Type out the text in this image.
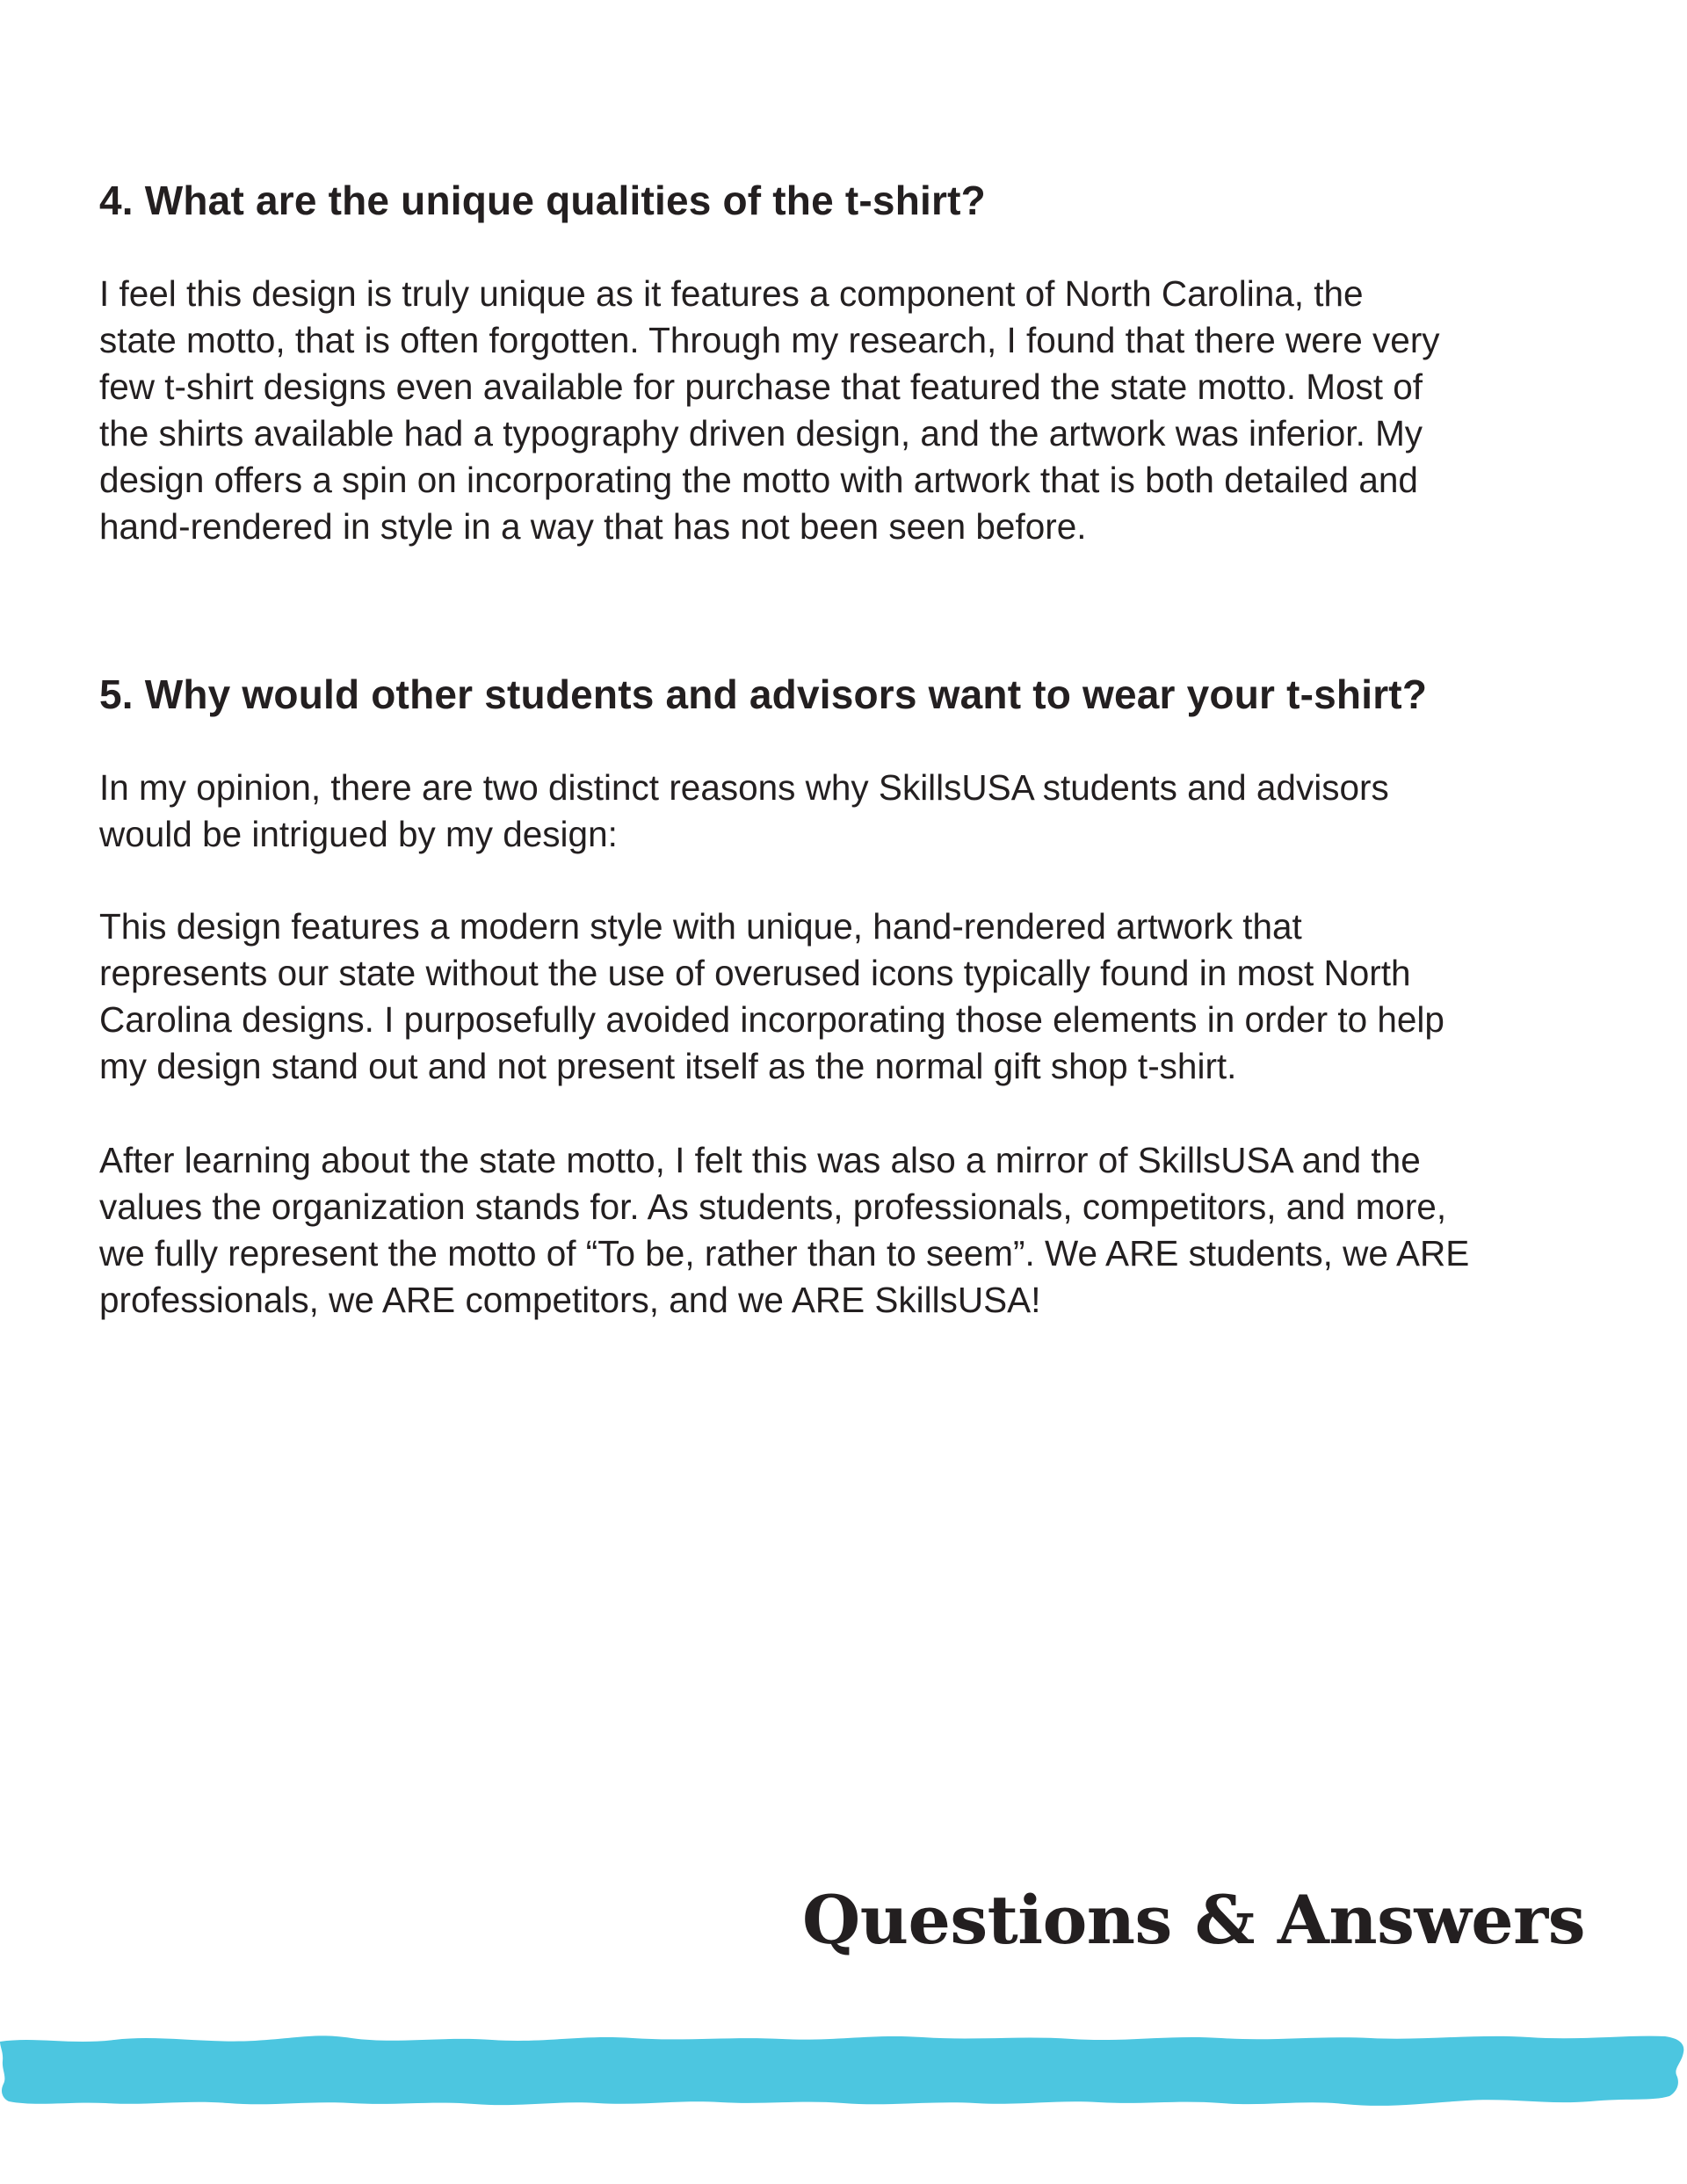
4. What are the unique qualities of the t-shirt?

I feel this design is truly unique as it features a component of North Carolina, the
state motto, that is often forgotten. Through my research, I found that there were very
few t-shirt designs even available for purchase that featured the state motto. Most of
the shirts available had a typography driven design, and the artwork was inferior. My
design offers a spin on incorporating the motto with artwork that is both detailed and
hand-rendered in style in a way that has not been seen before.

5. Why would other students and advisors want to wear your t-shirt?

In my opinion, there are two distinct reasons why SkillsUSA students and advisors
would be intrigued by my design:

This design features a modern style with unique, hand-rendered artwork that
represents our state without the use of overused icons typically found in most North
Carolina designs. I purposefully avoided incorporating those elements in order to help
my design stand out and not present itself as the normal gift shop t-shirt.

After learning about the state motto, I felt this was also a mirror of SkillsUSA and the
values the organization stands for. As students, professionals, competitors, and more,
we fully represent the motto of “To be, rather than to seem”. We ARE students, we ARE
professionals, we ARE competitors, and we ARE SkillsUSA!

Questions & Answers
